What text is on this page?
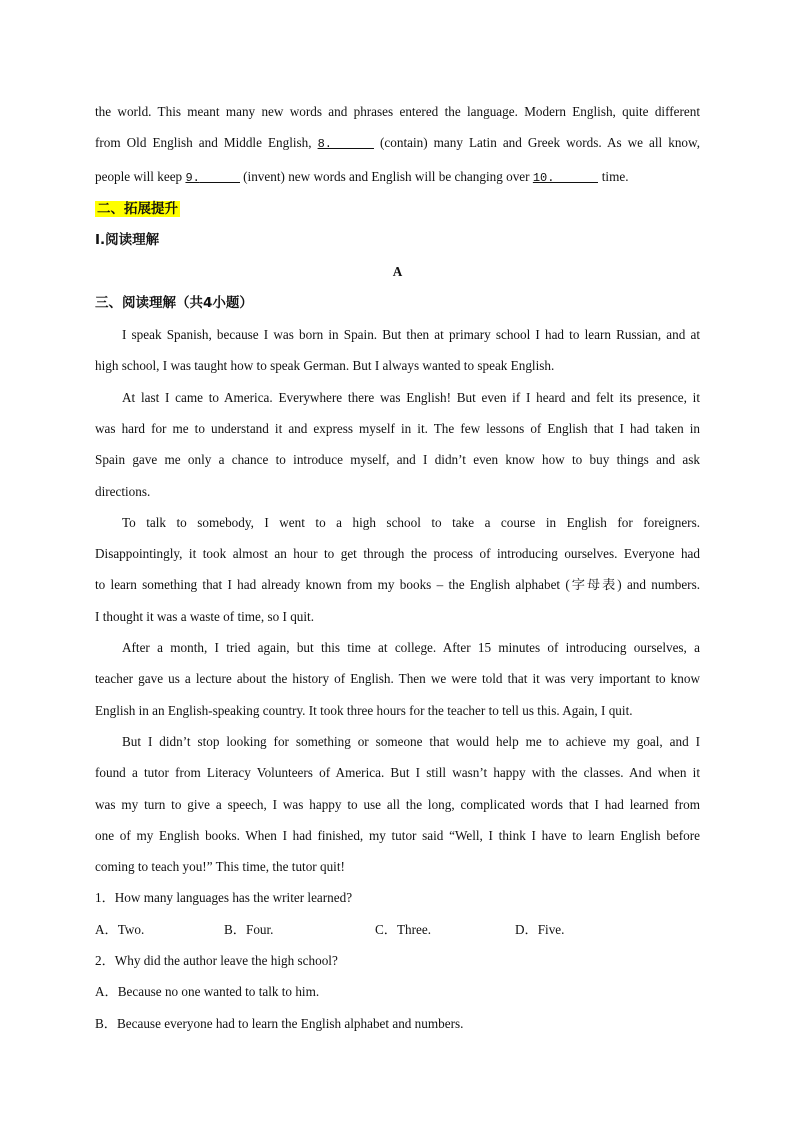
the world. This meant many new words and phrases entered the language. Modern English, quite different
from Old English and Middle English, 8.	(contain) many Latin and Greek words. As we all know,
people will keep 9.	(invent) new words and English will be changing over 10.	time.
二、拓展提升
I.阅读理解
A
三、阅读理解（共4小题）
I speak Spanish, because I was born in Spain. But then at primary school I had to learn Russian, and at
high school, I was taught how to speak German. But I always wanted to speak English.
At last I came to America. Everywhere there was English! But even if I heard and felt its presence, it
was hard for me to understand it and express myself in it. The few lessons of English that I had taken in
Spain gave me only a chance to introduce myself, and I didn’t even know how to buy things and ask
directions.
To talk to somebody, I went to a high school to take a course in English for foreigners.
Disappointingly, it took almost an hour to get through the process of introducing ourselves. Everyone had
to learn something that I had already known from my books – the English alphabet (字母表) and numbers.
I thought it was a waste of time, so I quit.
After a month, I tried again, but this time at college. After 15 minutes of introducing ourselves, a
teacher gave us a lecture about the history of English. Then we were told that it was very important to know
English in an English-speaking country. It took three hours for the teacher to tell us this. Again, I quit.
But I didn’t stop looking for something or someone that would help me to achieve my goal, and I
found a tutor from Literacy Volunteers of America. But I still wasn’t happy with the classes. And when it
was my turn to give a speech, I was happy to use all the long, complicated words that I had learned from
one of my English books. When I had finished, my tutor said “Well, I think I have to learn English before
coming to teach you!” This time, the tutor quit!
1．How many languages has the writer learned?
A．Two.	B．Four.	C．Three.	D．Five.
2．Why did the author leave the high school?
A．Because no one wanted to talk to him.
B．Because everyone had to learn the English alphabet and numbers.
